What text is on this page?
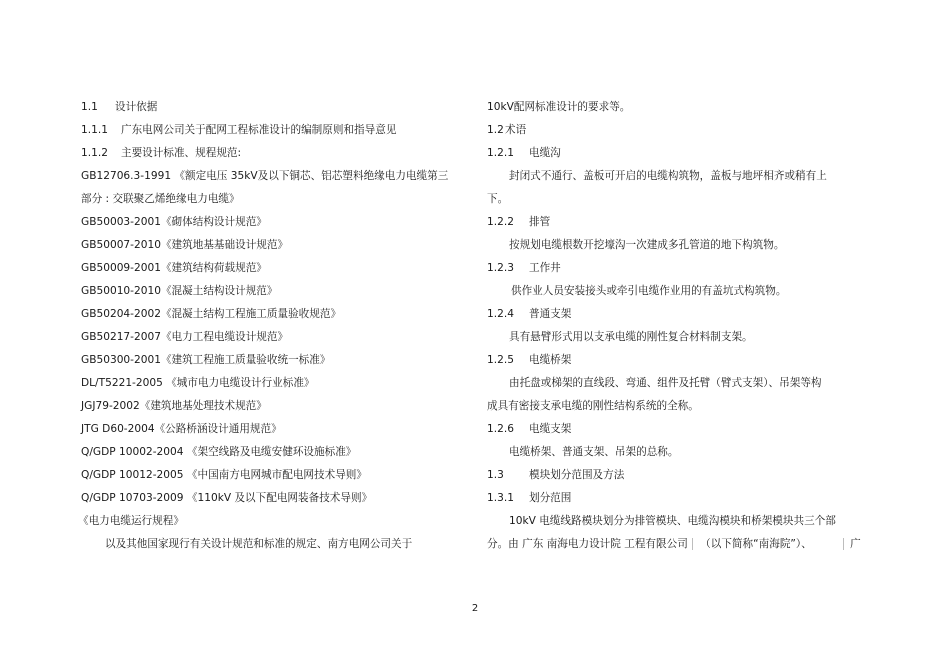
1.1 设计依据
1.1.1 广东电网公司关于配网工程标准设计的编制原则和指导意见
1.1.2 主要设计标准、规程规范:
GB12706.3-1991 《额定电压 35kV及以下铜芯、铝芯塑料绝缘电力电缆第三
部分 : 交联聚乙烯绝缘电力电缆》
GB50003-2001《砌体结构设计规范》
GB50007-2010《建筑地基基础设计规范》
GB50009-2001《建筑结构荷载规范》
GB50010-2010《混凝土结构设计规范》
GB50204-2002《混凝土结构工程施工质量验收规范》
GB50217-2007《电力工程电缆设计规范》
GB50300-2001《建筑工程施工质量验收统一标准》
DL/T5221-2005 《城市电力电缆设计行业标准》
JGJ79-2002《建筑地基处理技术规范》
JTG D60-2004《公路桥涵设计通用规范》
Q/GDP 10002-2004 《架空线路及电缆安健环设施标准》
Q/GDP 10012-2005 《中国南方电网城市配电网技术导则》
Q/GDP 10703-2009 《110kV 及以下配电网装备技术导则》
《电力电缆运行规程》
以及其他国家现行有关设计规范和标准的规定、南方电网公司关于
10kV配网标准设计的要求等。
1.2术语
1.2.1 电缆沟
封闭式不通行、盖板可开启的电缆构筑物，盖板与地坪相齐或稍有上
下。
1.2.2 排管
按规划电缆根数开挖壕沟一次建成多孔管道的地下构筑物。
1.2.3 工作井
供作业人员安装接头或牵引电缆作业用的有盖坑式构筑物。
1.2.4 普通支架
具有悬臂形式用以支承电缆的刚性复合材料制支架。
1.2.5 电缆桥架
由托盘或梯架的直线段、弯通、组件及托臂（臂式支架）、吊架等构
成具有密接支承电缆的刚性结构系统的全称。
1.2.6 电缆支架
电缆桥架、普通支架、吊架的总称。
1.3 模块划分范围及方法
1.3.1 划分范围
10kV 电缆线路模块划分为排管模块、电缆沟模块和桥架模块共三个部
分。由 广东 南海电力设计院 工程有限公司 （以下简称“南海院”）、	广
2
